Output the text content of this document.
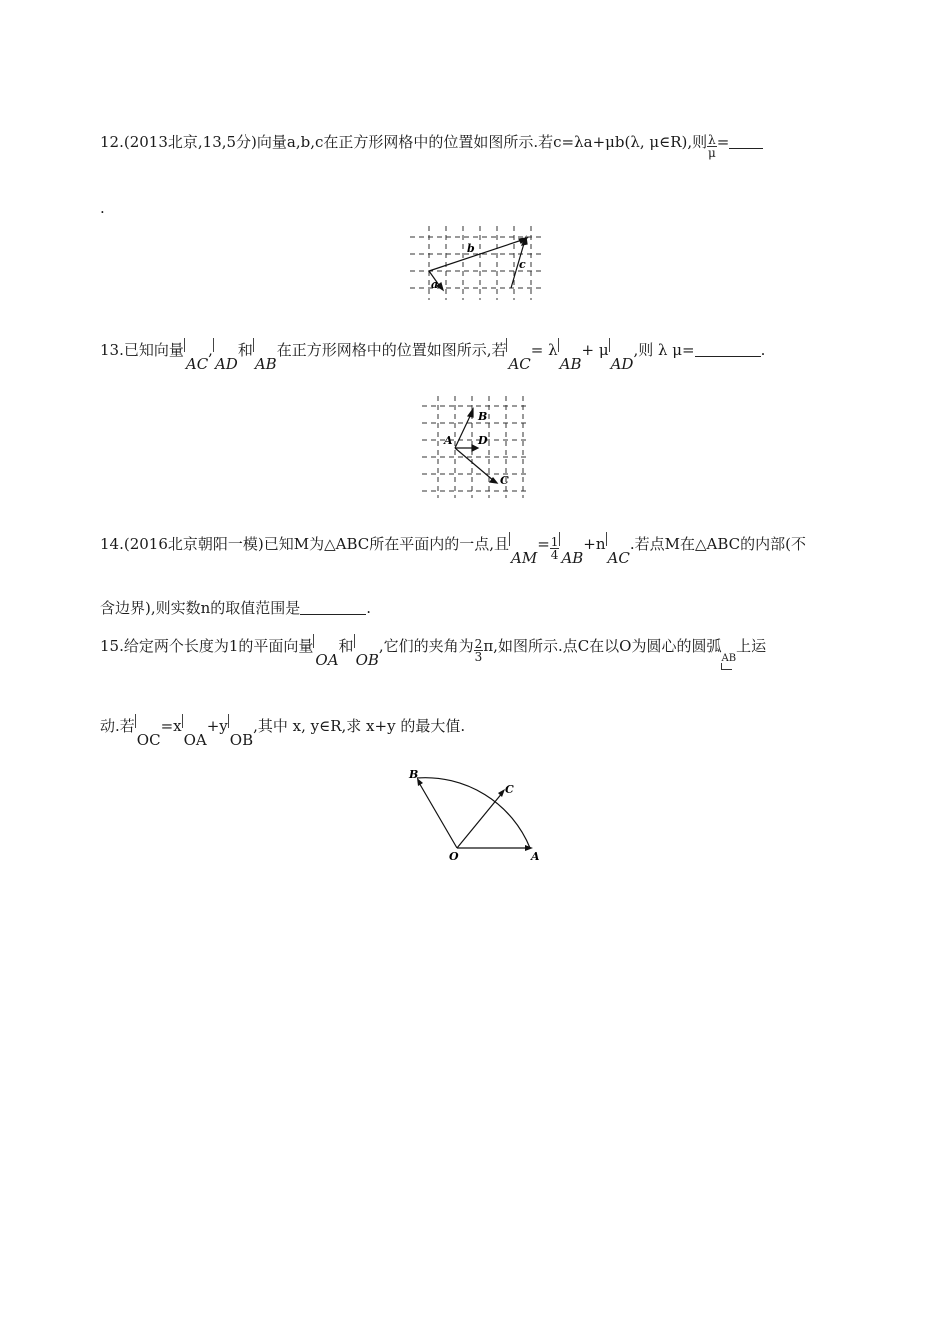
12.(2013北京,13,5分)向量a,b,c在正方形网格中的位置如图所示.若c=λa+μb(λ, μ∈R),则 $\frac{\lambda}{\mu}$ =
.
b
a
c
13.已知向量
AC,
AD和
AB在正方形网格中的位置如图所示,若
AC= λ
AB+ μ
AD,则 λ μ=	.
B
A D
C
14.(2016北京朝阳一模)已知M为△ABC所在平面内的一点,且
$AM= \frac{1}{4} AB+n$
AC.若点M在△ABC的内部(不
含边界),则实数n的取值范围是	.
15.给定两个长度为1的平面向量
OA和
OB,它们的夹角为 $\frac{2}{3} \pi$,如图所示.点C在以O为圆心的圆弧
AB上运
动.若
OC=x
OA+y
OB,其中 x, y∈R,求 x+y 的最大值.
O	A
B
C
